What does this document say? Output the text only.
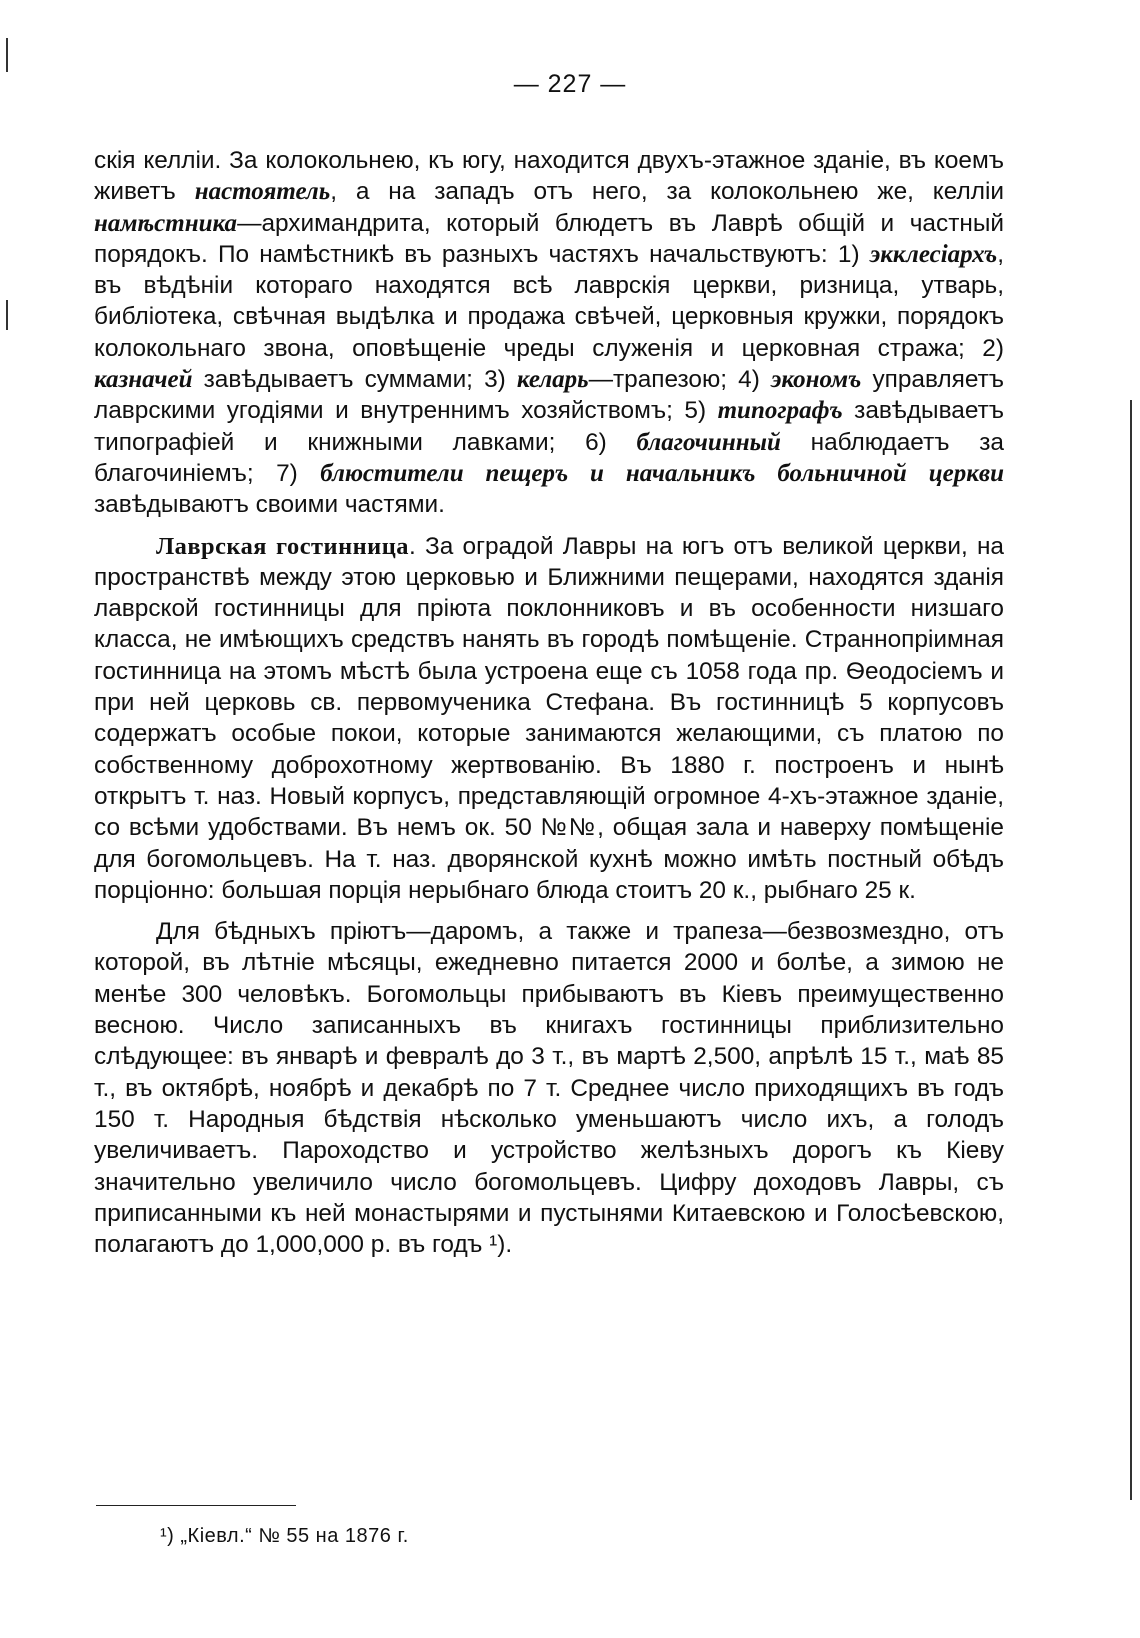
— 227 —

скія келліи. За колокольнею, къ югу, находится двухъ-этажное зданіе, въ коемъ живетъ настоятель, а на западъ отъ него, за колокольнею же, келліи намѣстника—архимандрита, который блюдетъ въ Лаврѣ общій и частный порядокъ. По намѣстникѣ въ разныхъ частяхъ начальствуютъ: 1) экклесіархъ, въ вѣдѣніи котораго находятся всѣ лаврскія церкви, ризница, утварь, библіотека, свѣчная выдѣлка и продажа свѣчей, церковныя кружки, порядокъ колокольнаго звона, оповѣщеніе чреды служенія и церковная стража; 2) казначей завѣдываетъ суммами; 3) келарь—трапезою; 4) экономъ управляетъ лаврскими угодіями и внутреннимъ хозяйствомъ; 5) типографъ завѣдываетъ типографіей и книжными лавками; 6) благочинный наблюдаетъ за благочиніемъ; 7) блюстители пещеръ и начальникъ больничной церкви завѣдываютъ своими частями.

Лаврская гостинница. За оградой Лавры на югъ отъ великой церкви, на пространствѣ между этою церковью и Ближними пещерами, находятся зданія лаврской гостинницы для пріюта поклонниковъ и въ особенности низшаго класса, не имѣющихъ средствъ нанять въ городѣ помѣщеніе. Страннопріимная гостинница на этомъ мѣстѣ была устроена еще съ 1058 года пр. Ѳеодосіемъ и при ней церковь св. первомученика Стефана. Въ гостинницѣ 5 корпусовъ содержатъ особые покои, которые занимаются желающими, съ платою по собственному доброхотному жертвованію. Въ 1880 г. построенъ и нынѣ открытъ т. наз. Новый корпусъ, представляющій огромное 4-хъ-этажное зданіе, со всѣми удобствами. Въ немъ ок. 50 №№, общая зала и наверху помѣщеніе для богомольцевъ. На т. наз. дворянской кухнѣ можно имѣть постный обѣдъ порціонно: большая порція нерыбнаго блюда стоитъ 20 к., рыбнаго 25 к.

Для бѣдныхъ пріютъ—даромъ, а также и трапеза—безвозмездно, отъ которой, въ лѣтніе мѣсяцы, ежедневно питается 2000 и болѣе, а зимою не менѣе 300 человѣкъ. Богомольцы прибываютъ въ Кіевъ преимущественно весною. Число записанныхъ въ книгахъ гостинницы приблизительно слѣдующее: въ январѣ и февралѣ до 3 т., въ мартѣ 2,500, апрѣлѣ 15 т., маѣ 85 т., въ октябрѣ, ноябрѣ и декабрѣ по 7 т. Среднее число приходящихъ въ годъ 150 т. Народныя бѣдствія нѣсколько уменьшаютъ число ихъ, а голодъ увеличиваетъ. Пароходство и устройство желѣзныхъ дорогъ къ Кіеву значительно увеличило число богомольцевъ. Цифру доходовъ Лавры, съ приписанными къ ней монастырями и пустынями Китаевскою и Голосѣевскою, полагаютъ до 1,000,000 р. въ годъ ¹).

¹) „Кіевл.“ № 55 на 1876 г.
